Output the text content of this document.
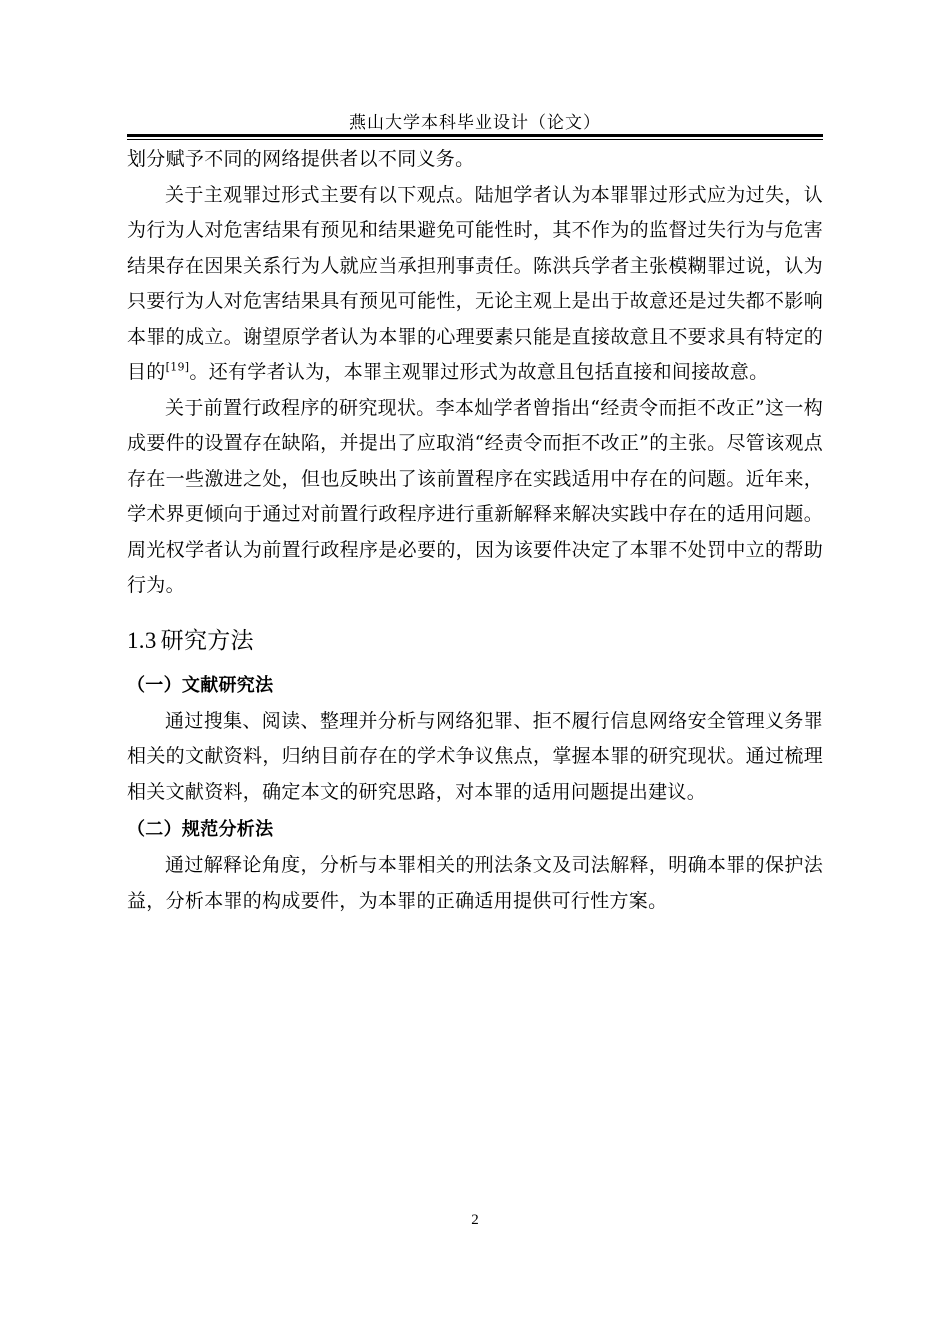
燕山大学本科毕业设计（论文）

划分赋予不同的网络提供者以不同义务。

关于主观罪过形式主要有以下观点。陆旭学者认为本罪罪过形式应为过失，认为行为人对危害结果有预见和结果避免可能性时，其不作为的监督过失行为与危害结果存在因果关系行为人就应当承担刑事责任。陈洪兵学者主张模糊罪过说，认为只要行为人对危害结果具有预见可能性，无论主观上是出于故意还是过失都不影响本罪的成立。谢望原学者认为本罪的心理要素只能是直接故意且不要求具有特定的目的[19]。还有学者认为，本罪主观罪过形式为故意且包括直接和间接故意。

关于前置行政程序的研究现状。李本灿学者曾指出“经责令而拒不改正”这一构成要件的设置存在缺陷，并提出了应取消“经责令而拒不改正”的主张。尽管该观点存在一些激进之处，但也反映出了该前置程序在实践适用中存在的问题。近年来，学术界更倾向于通过对前置行政程序进行重新解释来解决实践中存在的适用问题。周光权学者认为前置行政程序是必要的，因为该要件决定了本罪不处罚中立的帮助行为。

1.3 研究方法
（一）文献研究法

通过搜集、阅读、整理并分析与网络犯罪、拒不履行信息网络安全管理义务罪相关的文献资料，归纳目前存在的学术争议焦点，掌握本罪的研究现状。通过梳理相关文献资料，确定本文的研究思路，对本罪的适用问题提出建议。

（二）规范分析法

通过解释论角度，分析与本罪相关的刑法条文及司法解释，明确本罪的保护法益，分析本罪的构成要件，为本罪的正确适用提供可行性方案。

2
